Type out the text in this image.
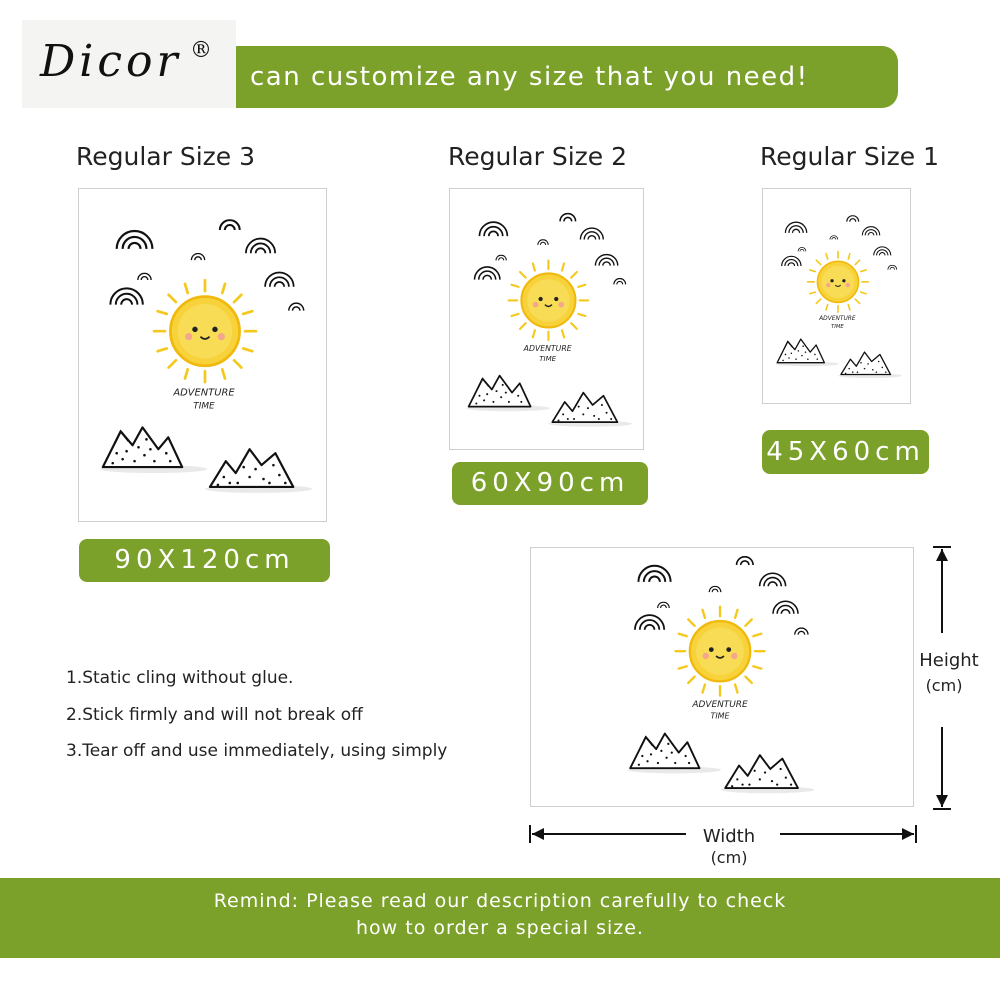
can customize any size that you need!
Dicor ®
Regular Size 3	Regular Size 2	Regular Size 1
ADVENTURE
TIME
ADVENTURE
TIME
ADVENTURE
TIME
90X120cm
60X90cm
45X60cm
1.Static cling without glue.
2.Stick firmly and will not break off
3.Tear off and use immediately, using simply
ADVENTURE
TIME
Height
(cm)
Width
(cm)
Remind: Please read our description carefully to check
how to order a special size.
